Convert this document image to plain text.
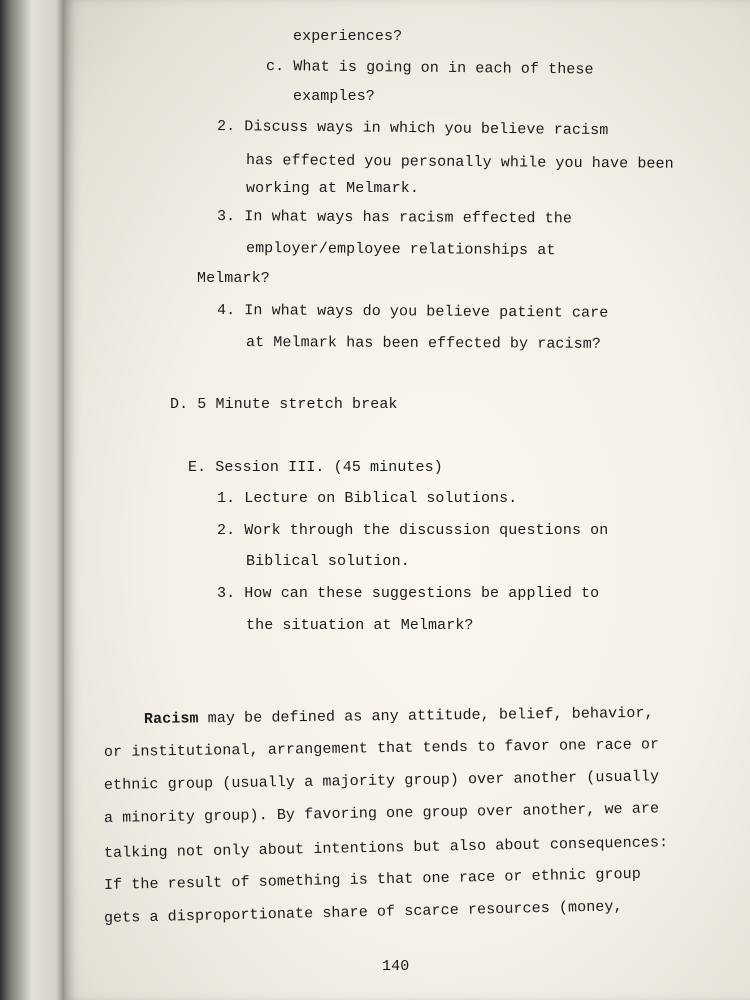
experiences?
c. What is going on in each of these
examples?
2. Discuss ways in which you believe racism
has effected you personally while you have been
working at Melmark.
3. In what ways has racism effected the
employer/employee relationships at
Melmark?
4. In what ways do you believe patient care
at Melmark has been effected by racism?
D. 5 Minute stretch break
E. Session III. (45 minutes)
1. Lecture on Biblical solutions.
2. Work through the discussion questions on
Biblical solution.
3. How can these suggestions be applied to
the situation at Melmark?
Racism may be defined as any attitude, belief, behavior,
or institutional, arrangement that tends to favor one race or
ethnic group (usually a majority group) over another (usually
a minority group). By favoring one group over another, we are
talking not only about intentions but also about consequences:
If the result of something is that one race or ethnic group
gets a disproportionate share of scarce resources (money,
140
